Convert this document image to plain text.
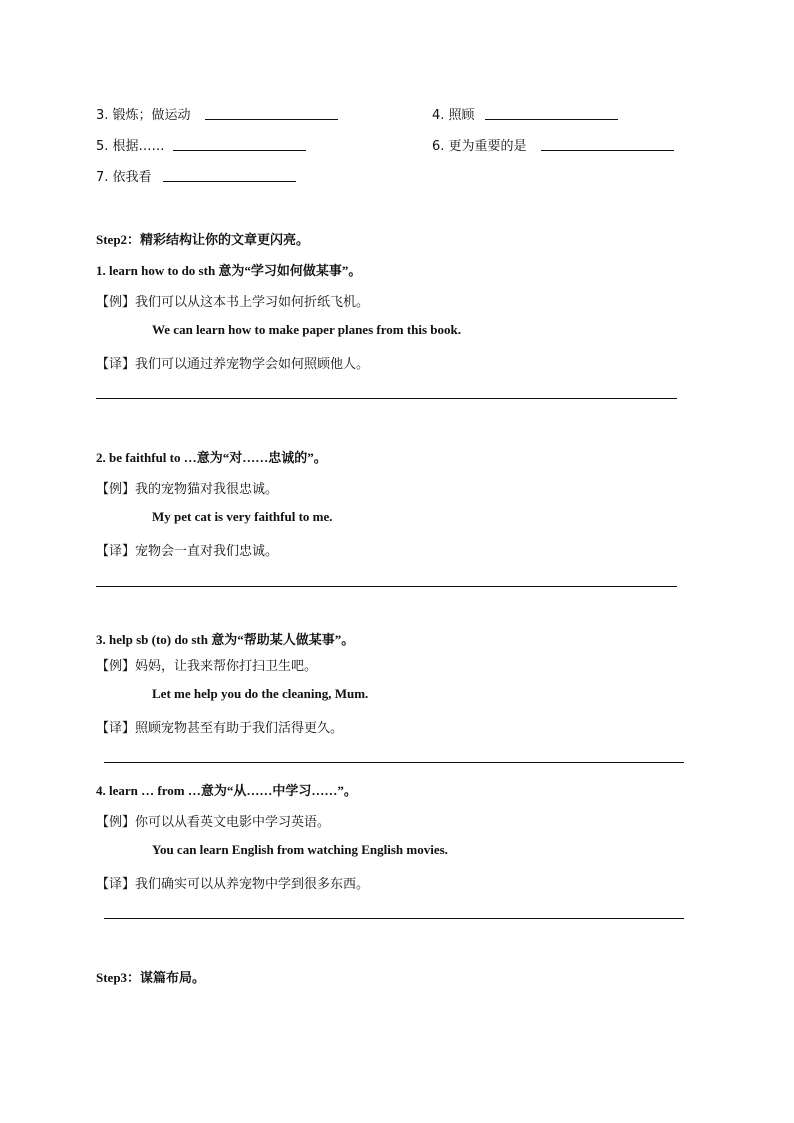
3. 锻炼；做运动	4. 照顾
5. 根据……	6. 更为重要的是
7. 依我看
Step2：精彩结构让你的文章更闪亮。
1. learn how to do sth 意为“学习如何做某事”。
【例】我们可以从这本书上学习如何折纸飞机。
We can learn how to make paper planes from this book.
【译】我们可以通过养宠物学会如何照顾他人。
2. be faithful to …意为“对……忠诚的”。
【例】我的宠物猫对我很忠诚。
My pet cat is very faithful to me.
【译】宠物会一直对我们忠诚。
3. help sb (to) do sth 意为“帮助某人做某事”。
【例】妈妈，让我来帮你打扫卫生吧。
Let me help you do the cleaning, Mum.
【译】照顾宠物甚至有助于我们活得更久。
4. learn … from …意为“从……中学习……”。
【例】你可以从看英文电影中学习英语。
You can learn English from watching English movies.
【译】我们确实可以从养宠物中学到很多东西。
Step3：谋篇布局。
